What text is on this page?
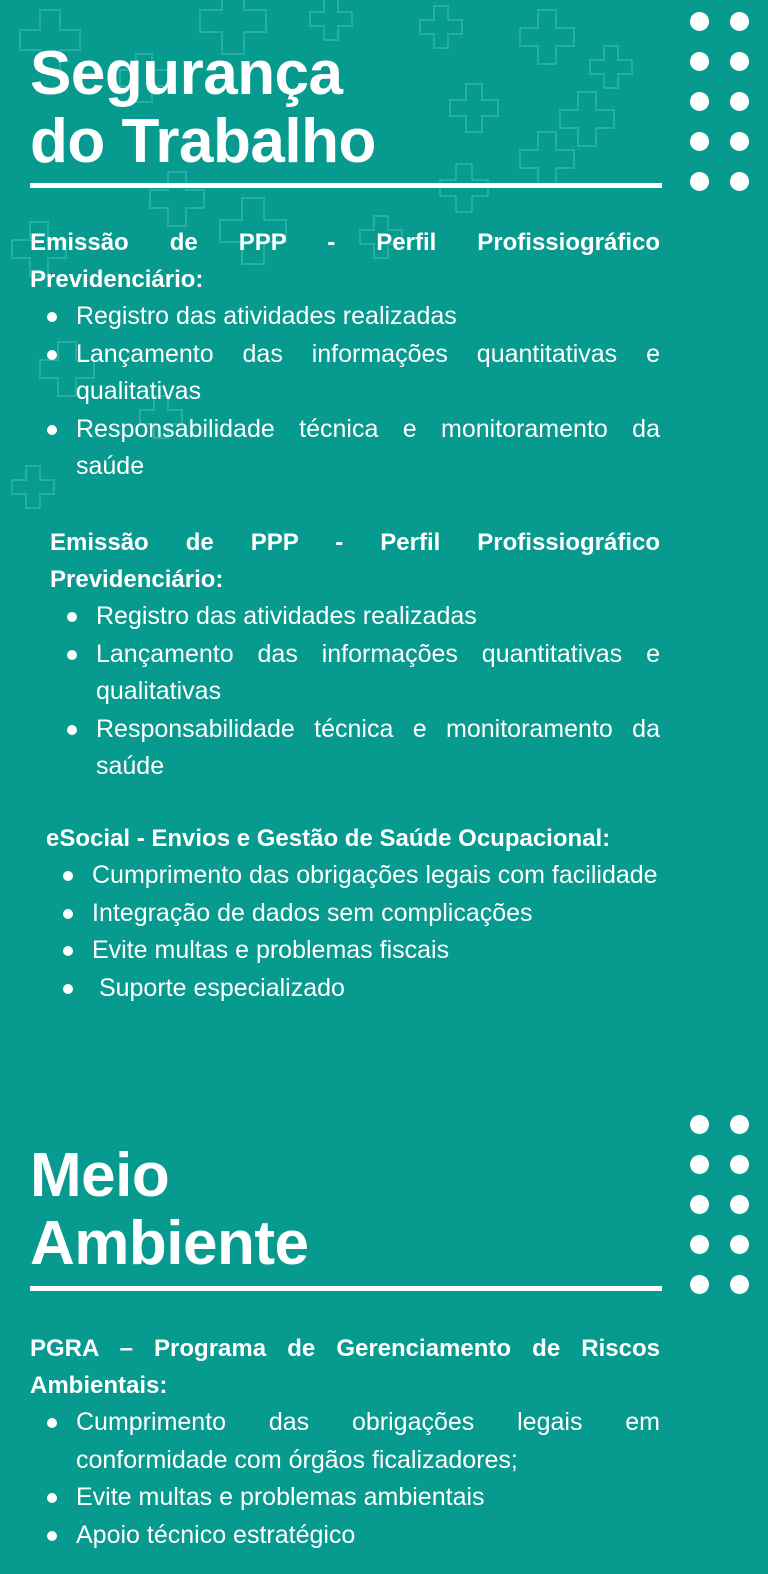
Segurança
do Trabalho

Emissão de PPP - Perfil Profissiográfico Previdenciário:

Registro das atividades realizadas
Lançamento das informações quantitativas e qualitativas
Responsabilidade técnica e monitoramento da saúde

Emissão de PPP - Perfil Profissiográfico Previdenciário:

Registro das atividades realizadas
Lançamento das informações quantitativas e qualitativas
Responsabilidade técnica e monitoramento da saúde

eSocial - Envios e Gestão de Saúde Ocupacional:

Cumprimento das obrigações legais com facilidade
Integração de dados sem complicações
Evite multas e problemas fiscais
Suporte especializado
Meio
Ambiente

PGRA – Programa de Gerenciamento de Riscos Ambientais:

Cumprimento das obrigações legais em conformidade com órgãos ficalizadores;
Evite multas e problemas ambientais
Apoio técnico estratégico
